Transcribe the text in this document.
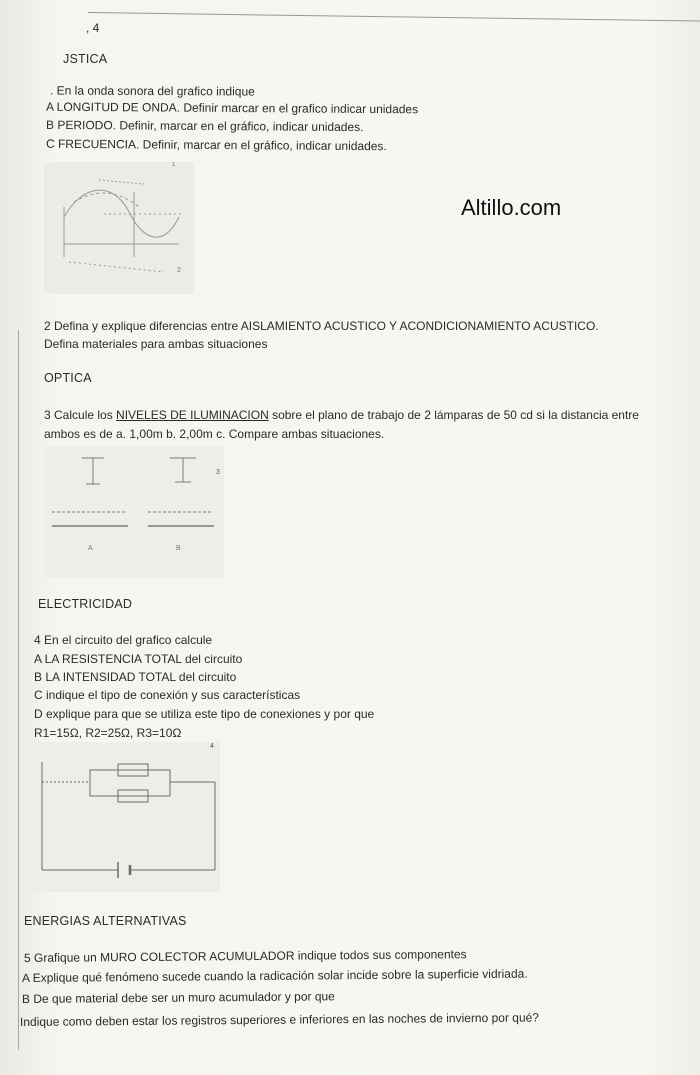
, 4
Altillo.com
JSTICA
. En la onda sonora del grafico indique
A LONGITUD DE ONDA. Definir marcar en el grafico indicar unidades
B PERIODO. Definir, marcar en el gráfico, indicar unidades.
C FRECUENCIA. Definir, marcar en el gráfico, indicar unidades.
2
1
2 Defina y explique diferencias entre AISLAMIENTO ACUSTICO Y ACONDICIONAMIENTO ACUSTICO.
Defina materiales para ambas situaciones
OPTICA
3 Calcule los NIVELES DE ILUMINACION sobre el plano de trabajo de 2 lámparas de 50 cd si la distancia entre
ambos es de a. 1,00m b. 2,00m c. Compare ambas situaciones.
3
A	B
ELECTRICIDAD
4 En el circuito del grafico calcule
A LA RESISTENCIA TOTAL del circuito
B LA INTENSIDAD TOTAL del circuito
C indique el tipo de conexión y sus características
D explique para que se utiliza este tipo de conexiones y por que
R1=15Ω, R2=25Ω, R3=10Ω
4
ENERGIAS ALTERNATIVAS
5 Grafique un MURO COLECTOR ACUMULADOR indique todos sus componentes
A Explique qué fenómeno sucede cuando la radicación solar incide sobre la superficie vidriada.
B De que material debe ser un muro acumulador y por que
Indique como deben estar los registros superiores e inferiores en las noches de invierno por qué?
